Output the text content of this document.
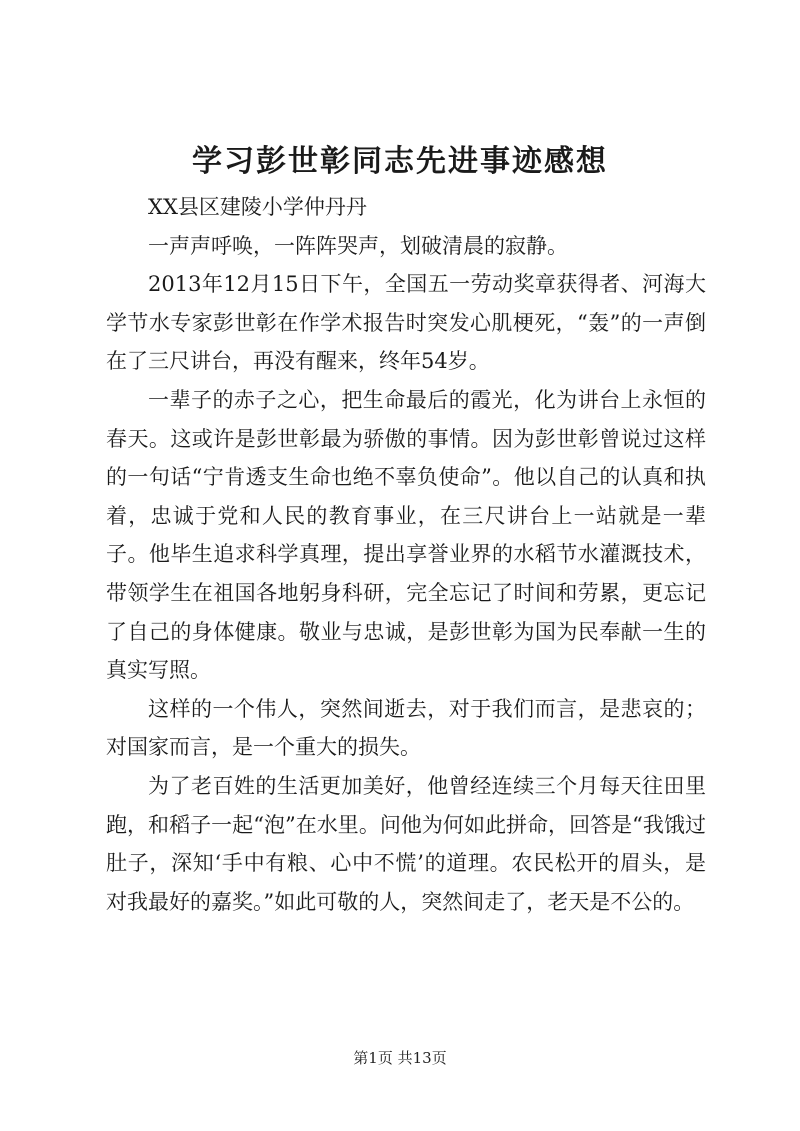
学习彭世彰同志先进事迹感想

XX县区建陵小学仲丹丹

一声声呼唤，一阵阵哭声，划破清晨的寂静。

2013年12月15日下午，全国五一劳动奖章获得者、河海大学节水专家彭世彰在作学术报告时突发心肌梗死，“轰”的一声倒在了三尺讲台，再没有醒来，终年54岁。

一辈子的赤子之心，把生命最后的霞光，化为讲台上永恒的春天。这或许是彭世彰最为骄傲的事情。因为彭世彰曾说过这样的一句话“宁肯透支生命也绝不辜负使命”。他以自己的认真和执着，忠诚于党和人民的教育事业，在三尺讲台上一站就是一辈子。他毕生追求科学真理，提出享誉业界的水稻节水灌溉技术，带领学生在祖国各地躬身科研，完全忘记了时间和劳累，更忘记了自己的身体健康。敬业与忠诚，是彭世彰为国为民奉献一生的真实写照。

这样的一个伟人，突然间逝去，对于我们而言，是悲哀的；对国家而言，是一个重大的损失。

为了老百姓的生活更加美好，他曾经连续三个月每天往田里跑，和稻子一起“泡”在水里。问他为何如此拼命，回答是“我饿过肚子，深知‘手中有粮、心中不慌’的道理。农民松开的眉头，是对我最好的嘉奖。”如此可敬的人，突然间走了，老天是不公的。

第1页 共13页
